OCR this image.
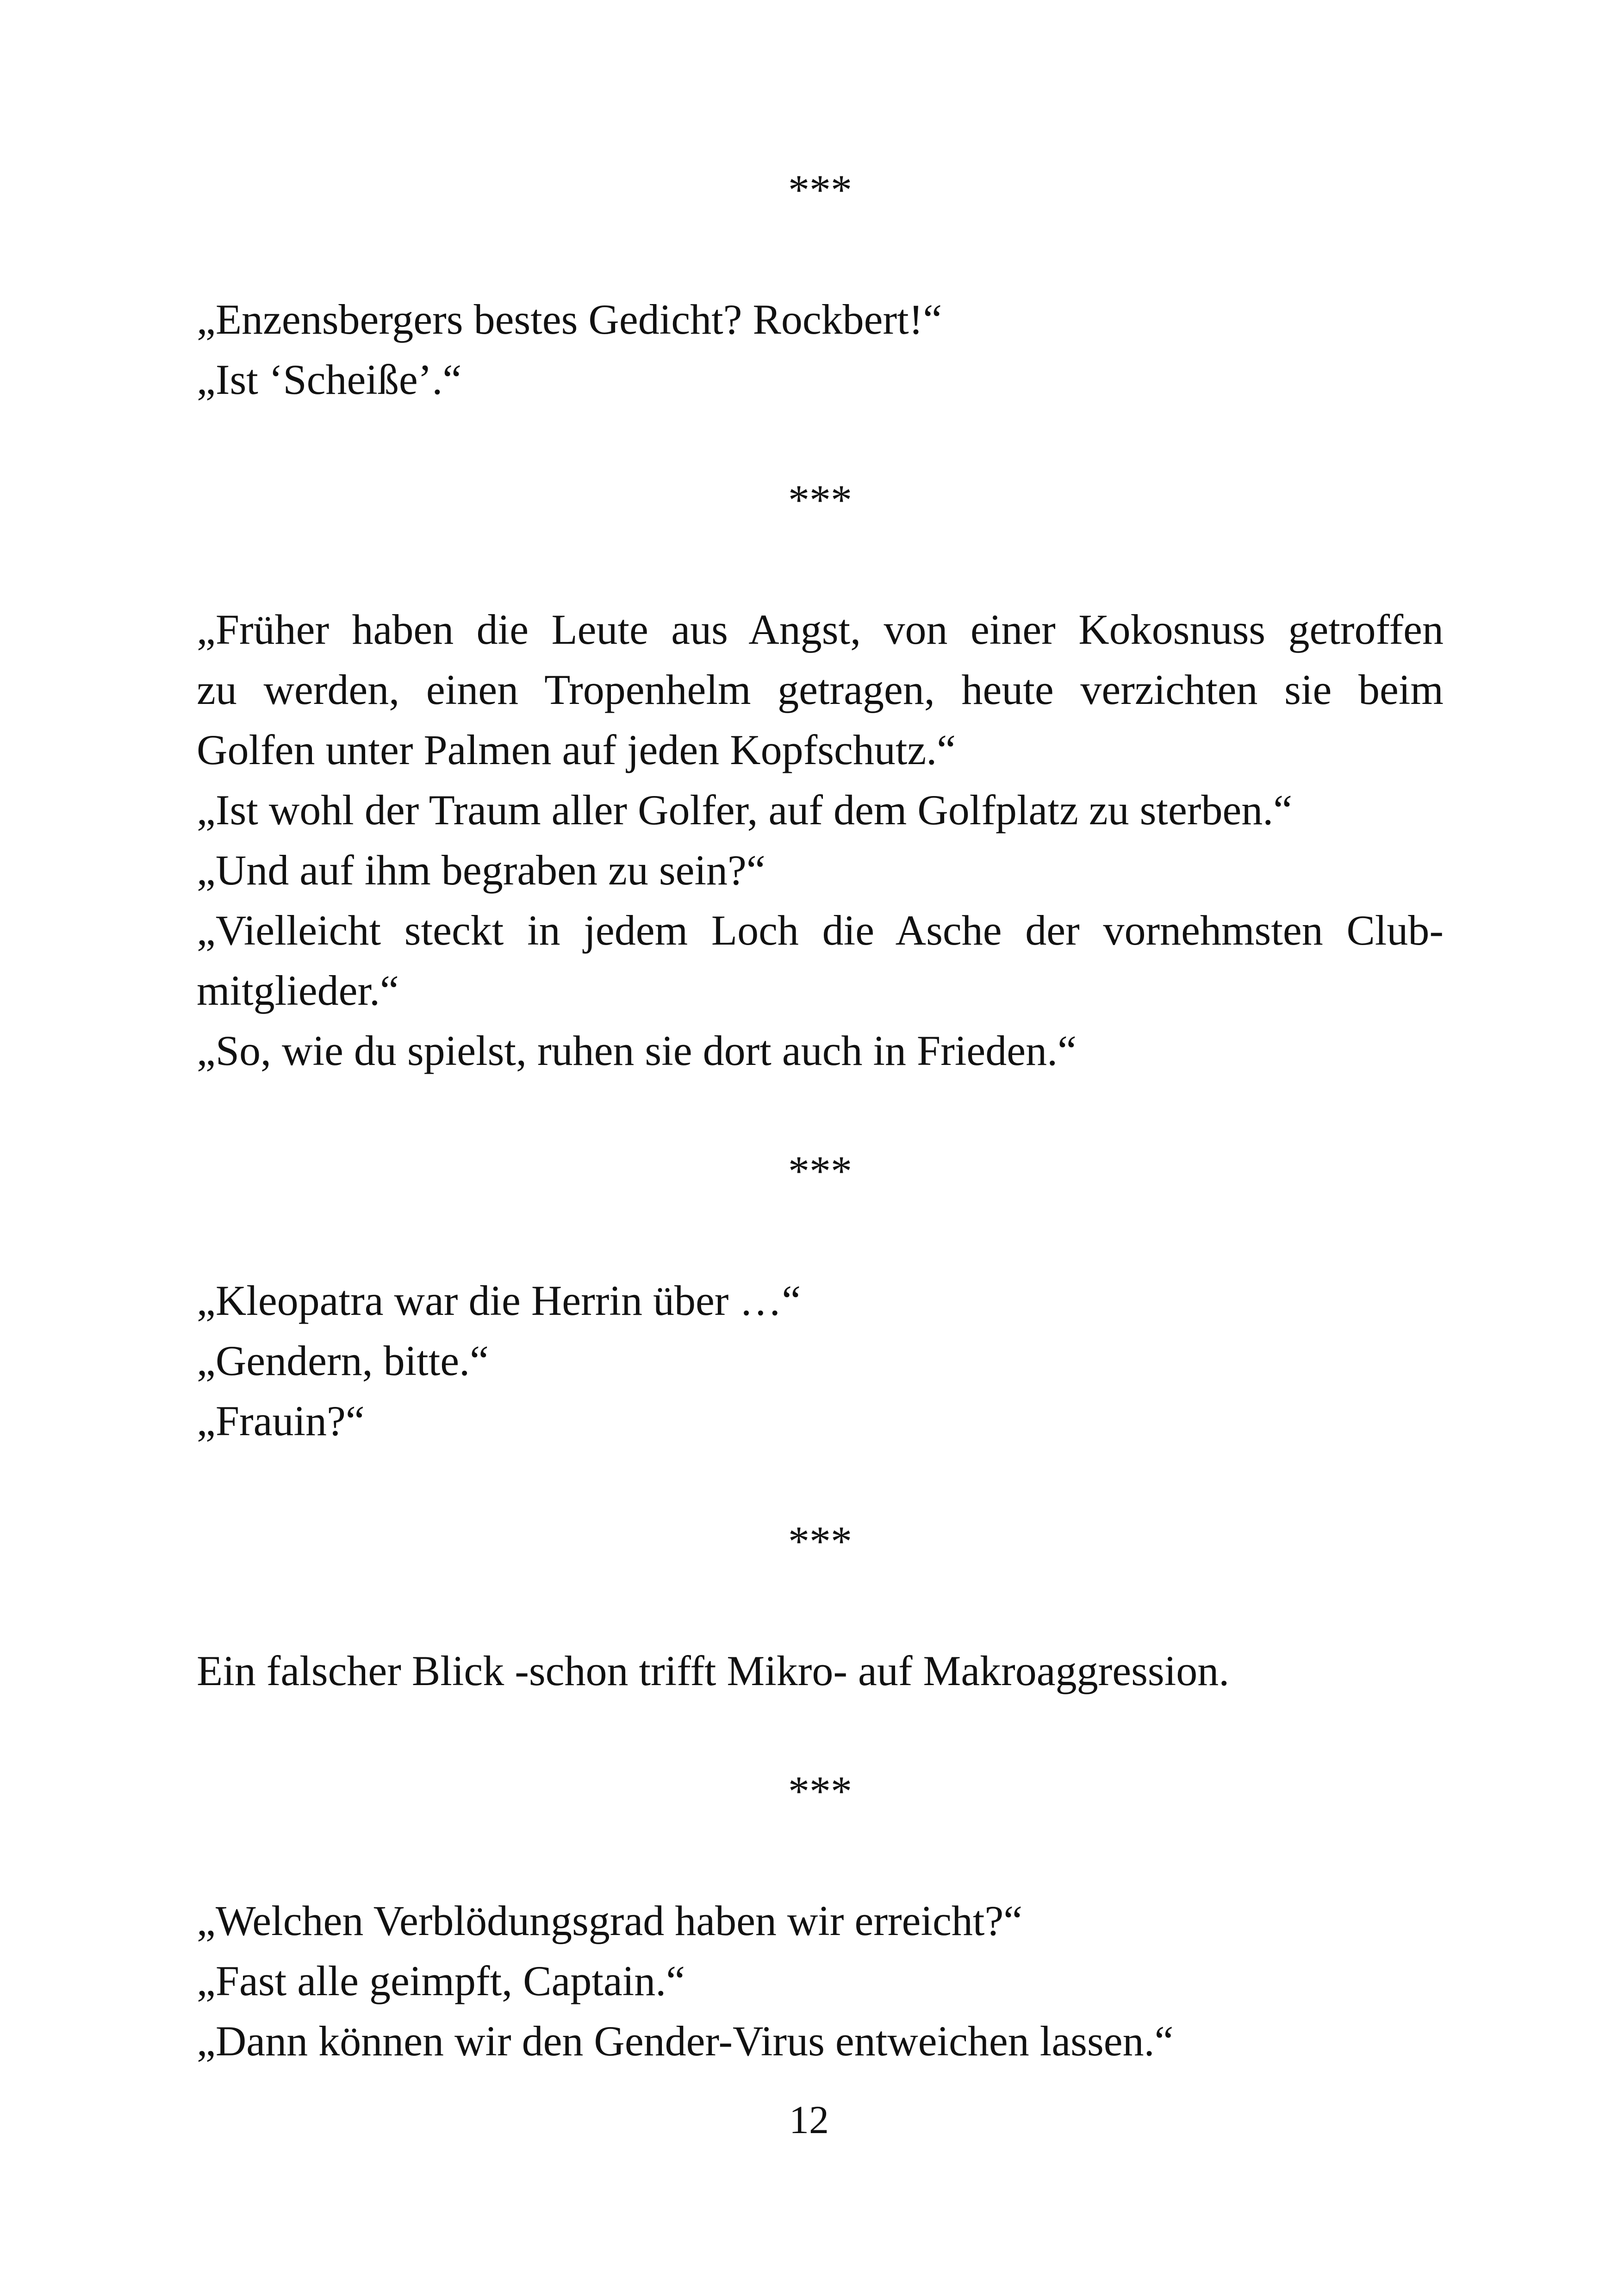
***
„Enzensbergers bestes Gedicht? Rockbert!“
„Ist ‘Scheiße’.“
***
„Früher haben die Leute aus Angst, von einer Kokosnuss getroffen
zu werden, einen Tropenhelm getragen, heute verzichten sie beim
Golfen unter Palmen auf jeden Kopfschutz.“
„Ist wohl der Traum aller Golfer, auf dem Golfplatz zu sterben.“
„Und auf ihm begraben zu sein?“
„Vielleicht steckt in jedem Loch die Asche der vornehmsten Club-
mitglieder.“
„So, wie du spielst, ruhen sie dort auch in Frieden.“
***
„Kleopatra war die Herrin über …“
„Gendern, bitte.“
„Frauin?“
***
Ein falscher Blick -schon trifft Mikro- auf Makroaggression.
***
„Welchen Verblödungsgrad haben wir erreicht?“
„Fast alle geimpft, Captain.“
„Dann können wir den Gender-Virus entweichen lassen.“
12
